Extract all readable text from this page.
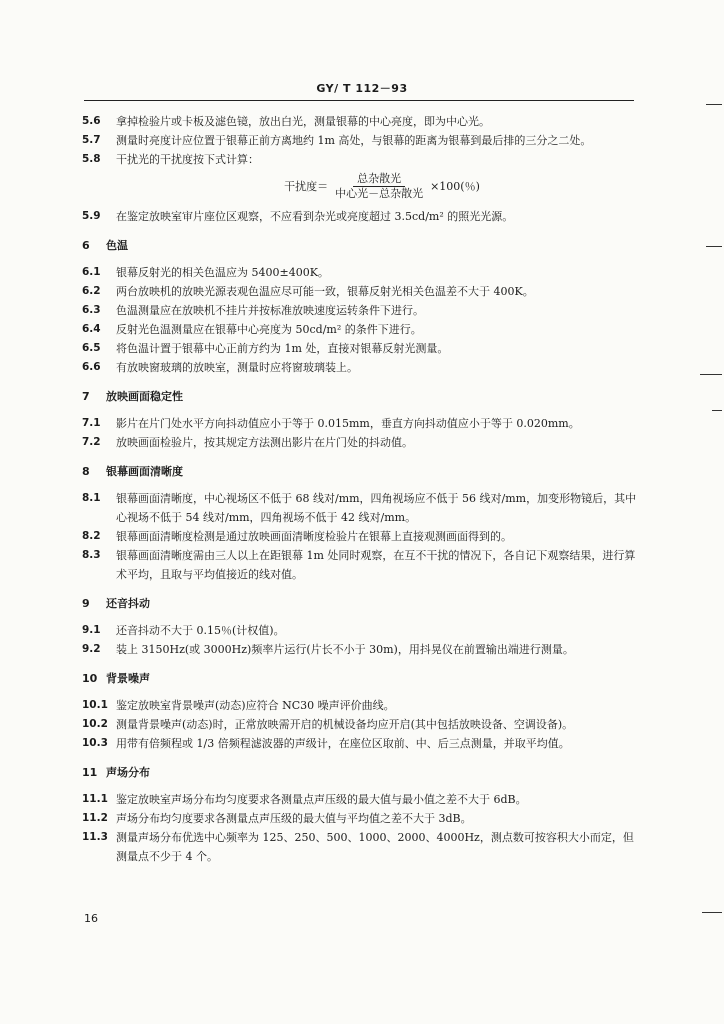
GY/ T 112－93
5.6	拿掉检验片或卡板及滤色镜，放出白光，测量银幕的中心亮度，即为中心光。
5.7	测量时亮度计应位置于银幕正前方离地约 1m 高处，与银幕的距离为银幕到最后排的三分之二处。
5.8	干扰光的干扰度按下式计算：
干扰度＝ $\frac{\text{总杂散光}}{\text{中心光－总杂散光}} \times 100$(％)
5.9	在鉴定放映室审片座位区观察，不应看到杂光或亮度超过 3.5cd/m² 的照光光源。
6	色温
6.1	银幕反射光的相关色温应为 5400±400K。
6.2	两台放映机的放映光源表观色温应尽可能一致，银幕反射光相关色温差不大于 400K。
6.3	色温测量应在放映机不挂片并按标准放映速度运转条件下进行。
6.4	反射光色温测量应在银幕中心亮度为 50cd/m² 的条件下进行。
6.5	将色温计置于银幕中心正前方约为 1m 处，直接对银幕反射光测量。
6.6	有放映窗玻璃的放映室，测量时应将窗玻璃装上。
7	放映画面稳定性
7.1	影片在片门处水平方向抖动值应小于等于 0.015mm，垂直方向抖动值应小于等于 0.020mm。
7.2	放映画面检验片，按其规定方法测出影片在片门处的抖动值。
8	银幕画面清晰度
8.1	银幕画面清晰度，中心视场区不低于 68 线对/mm，四角视场应不低于 56 线对/mm，加变形物镜后，其中心视场不低于 54 线对/mm，四角视场不低于 42 线对/mm。
8.2	银幕画面清晰度检测是通过放映画面清晰度检验片在银幕上直接观测画面得到的。
8.3	银幕画面清晰度需由三人以上在距银幕 1m 处同时观察，在互不干扰的情况下，各自记下观察结果，进行算术平均，且取与平均值接近的线对值。
9	还音抖动
9.1	还音抖动不大于 0.15％(计权值)。
9.2	装上 3150Hz(或 3000Hz)频率片运行(片长不小于 30m)，用抖晃仪在前置输出端进行测量。
10 背景噪声
10.1 鉴定放映室背景噪声(动态)应符合 NC30 噪声评价曲线。
10.2 测量背景噪声(动态)时，正常放映需开启的机械设备均应开启(其中包括放映设备、空调设备)。
10.3 用带有倍频程或 1/3 倍频程滤波器的声级计，在座位区取前、中、后三点测量，并取平均值。
11 声场分布
11.1 鉴定放映室声场分布均匀度要求各测量点声压级的最大值与最小值之差不大于 6dB。
11.2 声场分布均匀度要求各测量点声压级的最大值与平均值之差不大于 3dB。
11.3 测量声场分布优选中心频率为 125、250、500、1000、2000、4000Hz，测点数可按容积大小而定，但测量点不少于 4 个。
16
